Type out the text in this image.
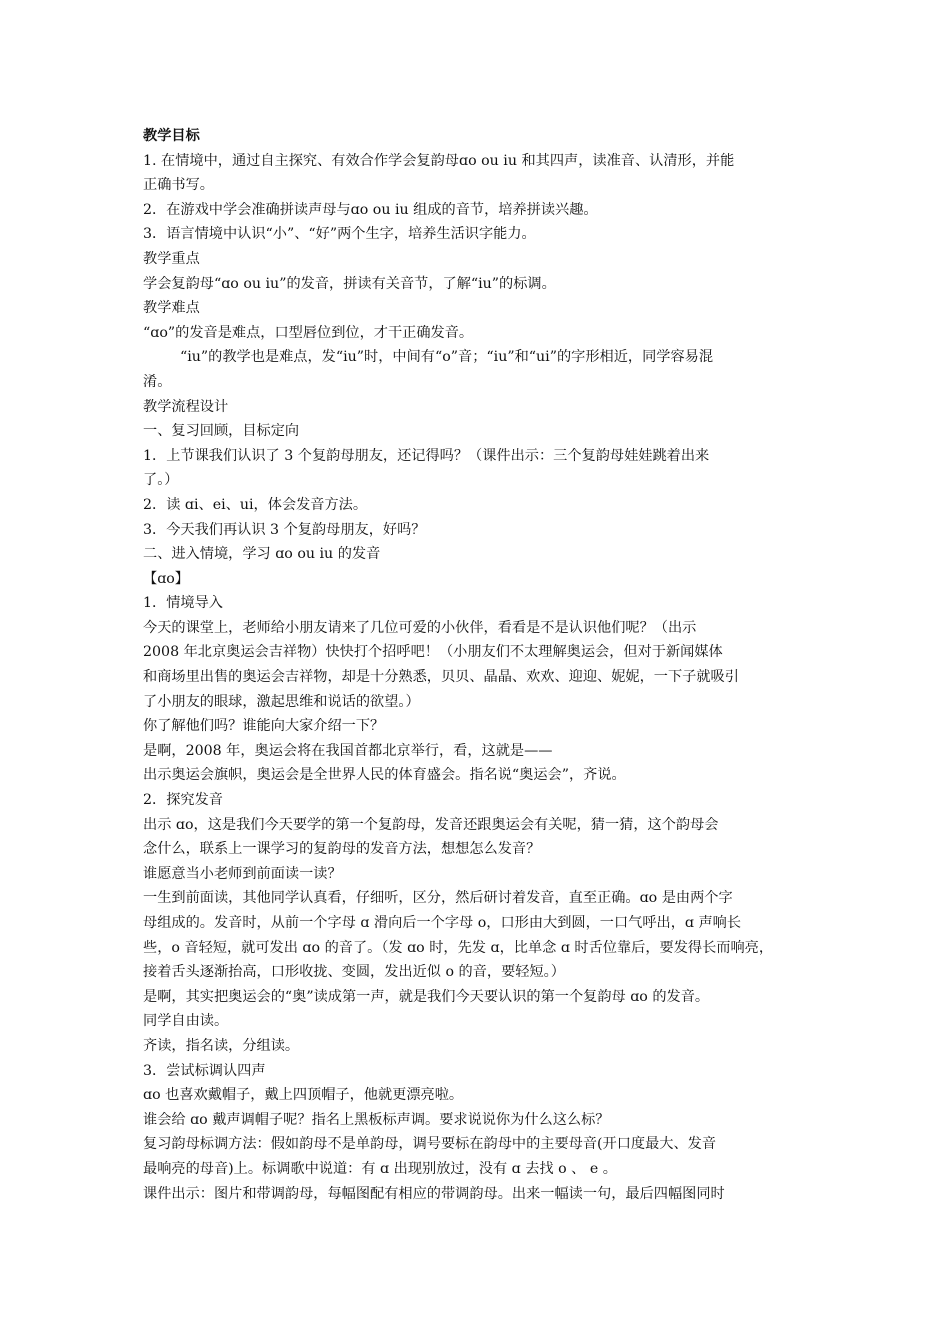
教学目标
1. 在情境中，通过自主探究、有效合作学会复韵母ɑo ou iu 和其四声，读准音、认清形，并能
正确书写。
2．在游戏中学会准确拼读声母与ɑo ou iu 组成的音节，培养拼读兴趣。
3．语言情境中认识“小”、“好”两个生字，培养生活识字能力。
教学重点
学会复韵母“ɑo ou iu”的发音，拼读有关音节，了解“iu”的标调。
教学难点
“ɑo”的发音是难点，口型唇位到位，才干正确发音。
“iu”的教学也是难点，发“iu”时，中间有“o”音；“iu”和“ui”的字形相近，同学容易混
淆。
教学流程设计
一、复习回顾，目标定向
1．上节课我们认识了 3 个复韵母朋友，还记得吗？（课件出示：三个复韵母娃娃跳着出来
了。）
2．读 ɑi、ei、ui，体会发音方法。
3．今天我们再认识 3 个复韵母朋友，好吗？
二、进入情境，学习 ɑo ou iu 的发音
【ɑo】
1．情境导入
今天的课堂上，老师给小朋友请来了几位可爱的小伙伴，看看是不是认识他们呢？（出示
2008 年北京奥运会吉祥物）快快打个招呼吧！（小朋友们不太理解奥运会，但对于新闻媒体
和商场里出售的奥运会吉祥物，却是十分熟悉，贝贝、晶晶、欢欢、迎迎、妮妮，一下子就吸引
了小朋友的眼球，激起思维和说话的欲望。）
你了解他们吗？谁能向大家介绍一下？
是啊，2008 年，奥运会将在我国首都北京举行，看，这就是——
出示奥运会旗帜，奥运会是全世界人民的体育盛会。指名说“奥运会”，齐说。
2．探究发音
出示 ɑo，这是我们今天要学的第一个复韵母，发音还跟奥运会有关呢，猜一猜，这个韵母会
念什么，联系上一课学习的复韵母的发音方法，想想怎么发音？
谁愿意当小老师到前面读一读？
一生到前面读，其他同学认真看，仔细听，区分，然后研讨着发音，直至正确。ɑo 是由两个字
母组成的。发音时，从前一个字母 ɑ 滑向后一个字母 o，口形由大到圆，一口气呼出，ɑ 声响长
些，o 音轻短，就可发出 ɑo 的音了。（发 ɑo 时，先发 ɑ，比单念 ɑ 时舌位靠后，要发得长而响亮，
接着舌头逐渐抬高，口形收拢、变圆，发出近似 o 的音，要轻短。）
是啊，其实把奥运会的“奥”读成第一声，就是我们今天要认识的第一个复韵母 ɑo 的发音。
同学自由读。
齐读，指名读，分组读。
3．尝试标调认四声
ɑo 也喜欢戴帽子，戴上四顶帽子，他就更漂亮啦。
谁会给 ɑo 戴声调帽子呢？指名上黑板标声调。要求说说你为什么这么标？
复习韵母标调方法：假如韵母不是单韵母，调号要标在韵母中的主要母音(开口度最大、发音
最响亮的母音)上。标调歌中说道：有 ɑ 出现别放过，没有 ɑ 去找 o 、 e 。
课件出示：图片和带调韵母，每幅图配有相应的带调韵母。出来一幅读一句，最后四幅图同时
